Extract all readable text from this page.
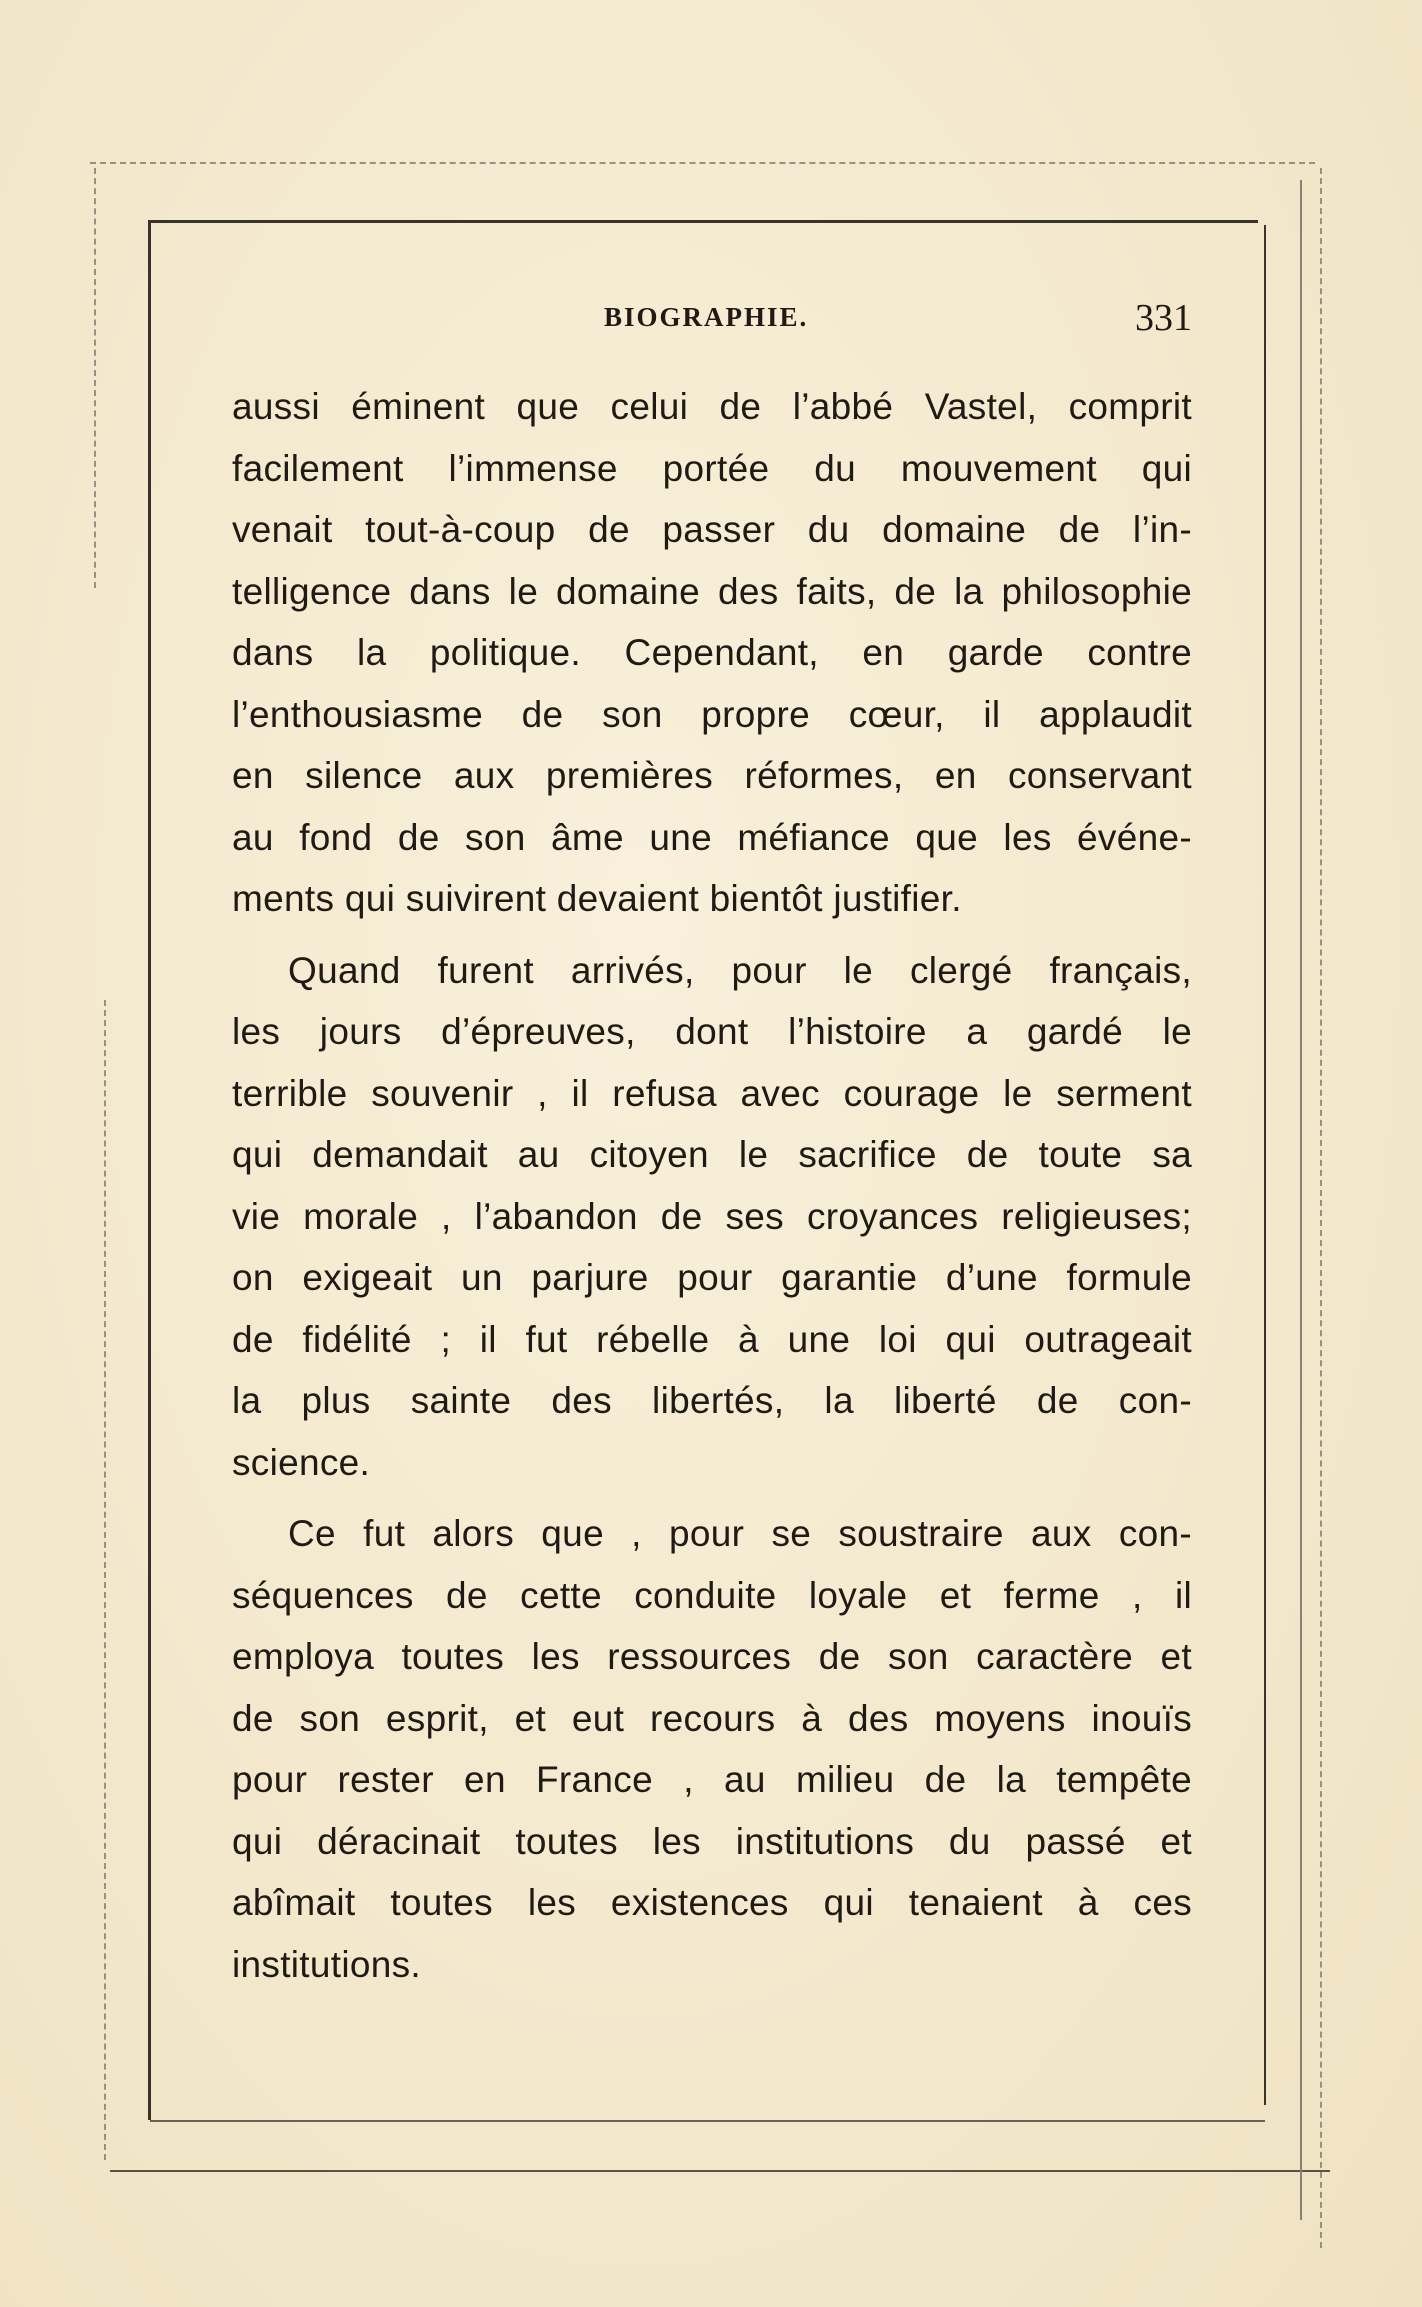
BIOGRAPHIE.	331
aussi éminent que celui de l’abbé Vastel, comprit
facilement l’immense portée du mouvement qui
venait tout-à-coup de passer du domaine de l’in-
telligence dans le domaine des faits, de la philosophie
dans la politique. Cependant, en garde contre
l’enthousiasme de son propre cœur, il applaudit
en silence aux premières réformes, en conservant
au fond de son âme une méfiance que les événe-
ments qui suivirent devaient bientôt justifier.
Quand furent arrivés, pour le clergé français,
les jours d’épreuves, dont l’histoire a gardé le
terrible souvenir , il refusa avec courage le serment
qui demandait au citoyen le sacrifice de toute sa
vie morale , l’abandon de ses croyances religieuses;
on exigeait un parjure pour garantie d’une formule
de fidélité ; il fut rébelle à une loi qui outrageait
la plus sainte des libertés, la liberté de con-
science.
Ce fut alors que , pour se soustraire aux con-
séquences de cette conduite loyale et ferme , il
employa toutes les ressources de son caractère et
de son esprit, et eut recours à des moyens inouïs
pour rester en France , au milieu de la tempête
qui déracinait toutes les institutions du passé et
abîmait toutes les existences qui tenaient à ces
institutions.
